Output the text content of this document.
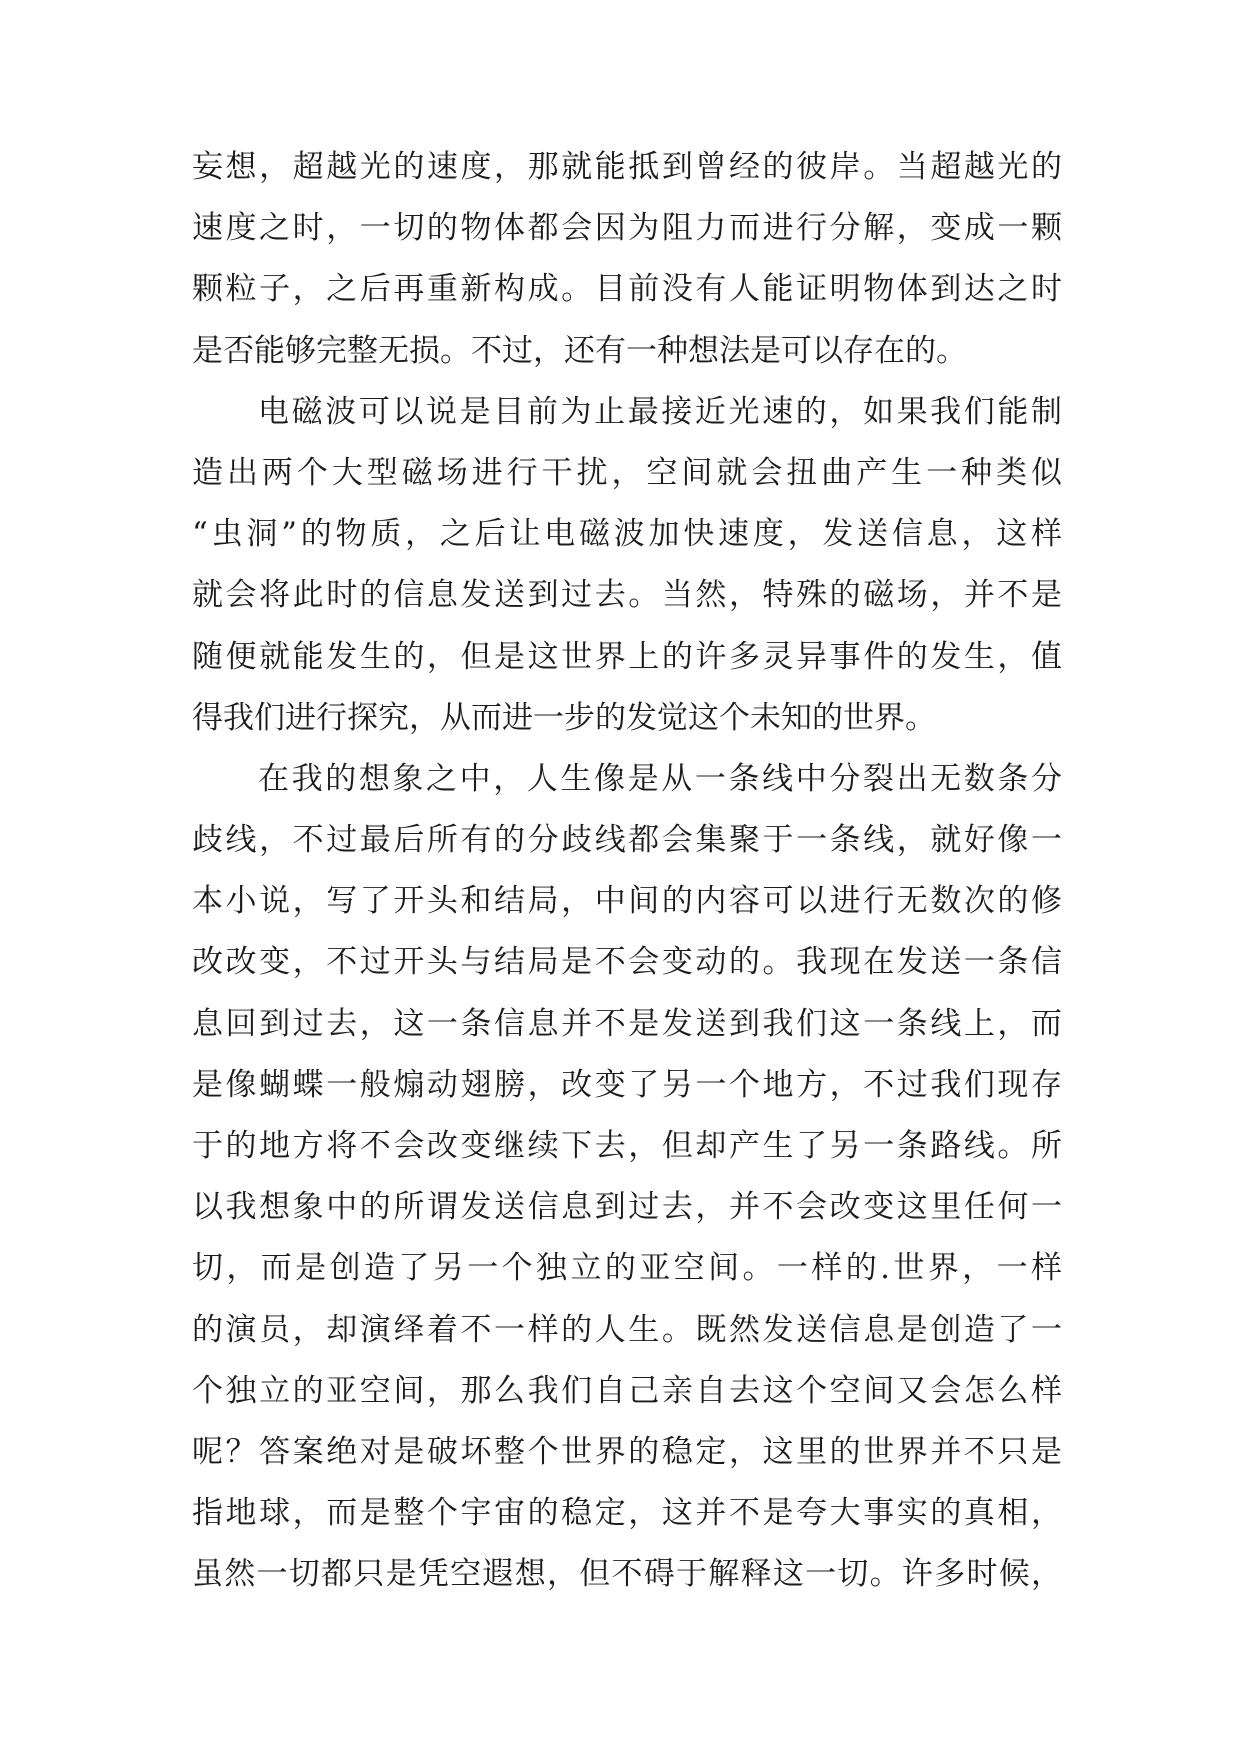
妄想，超越光的速度，那就能抵到曾经的彼岸。当超越光的
速度之时，一切的物体都会因为阻力而进行分解，变成一颗
颗粒子，之后再重新构成。目前没有人能证明物体到达之时
是否能够完整无损。不过，还有一种想法是可以存在的。
电磁波可以说是目前为止最接近光速的，如果我们能制
造出两个大型磁场进行干扰，空间就会扭曲产生一种类似
“虫洞”的物质，之后让电磁波加快速度，发送信息，这样
就会将此时的信息发送到过去。当然，特殊的磁场，并不是
随便就能发生的，但是这世界上的许多灵异事件的发生，值
得我们进行探究，从而进一步的发觉这个未知的世界。
在我的想象之中，人生像是从一条线中分裂出无数条分
歧线，不过最后所有的分歧线都会集聚于一条线，就好像一
本小说，写了开头和结局，中间的内容可以进行无数次的修
改改变，不过开头与结局是不会变动的。我现在发送一条信
息回到过去，这一条信息并不是发送到我们这一条线上，而
是像蝴蝶一般煽动翅膀，改变了另一个地方，不过我们现存
于的地方将不会改变继续下去，但却产生了另一条路线。所
以我想象中的所谓发送信息到过去，并不会改变这里任何一
切，而是创造了另一个独立的亚空间。一样的.世界，一样
的演员，却演绎着不一样的人生。既然发送信息是创造了一
个独立的亚空间，那么我们自己亲自去这个空间又会怎么样
呢？答案绝对是破坏整个世界的稳定，这里的世界并不只是
指地球，而是整个宇宙的稳定，这并不是夸大事实的真相，
虽然一切都只是凭空遐想，但不碍于解释这一切。许多时候，
